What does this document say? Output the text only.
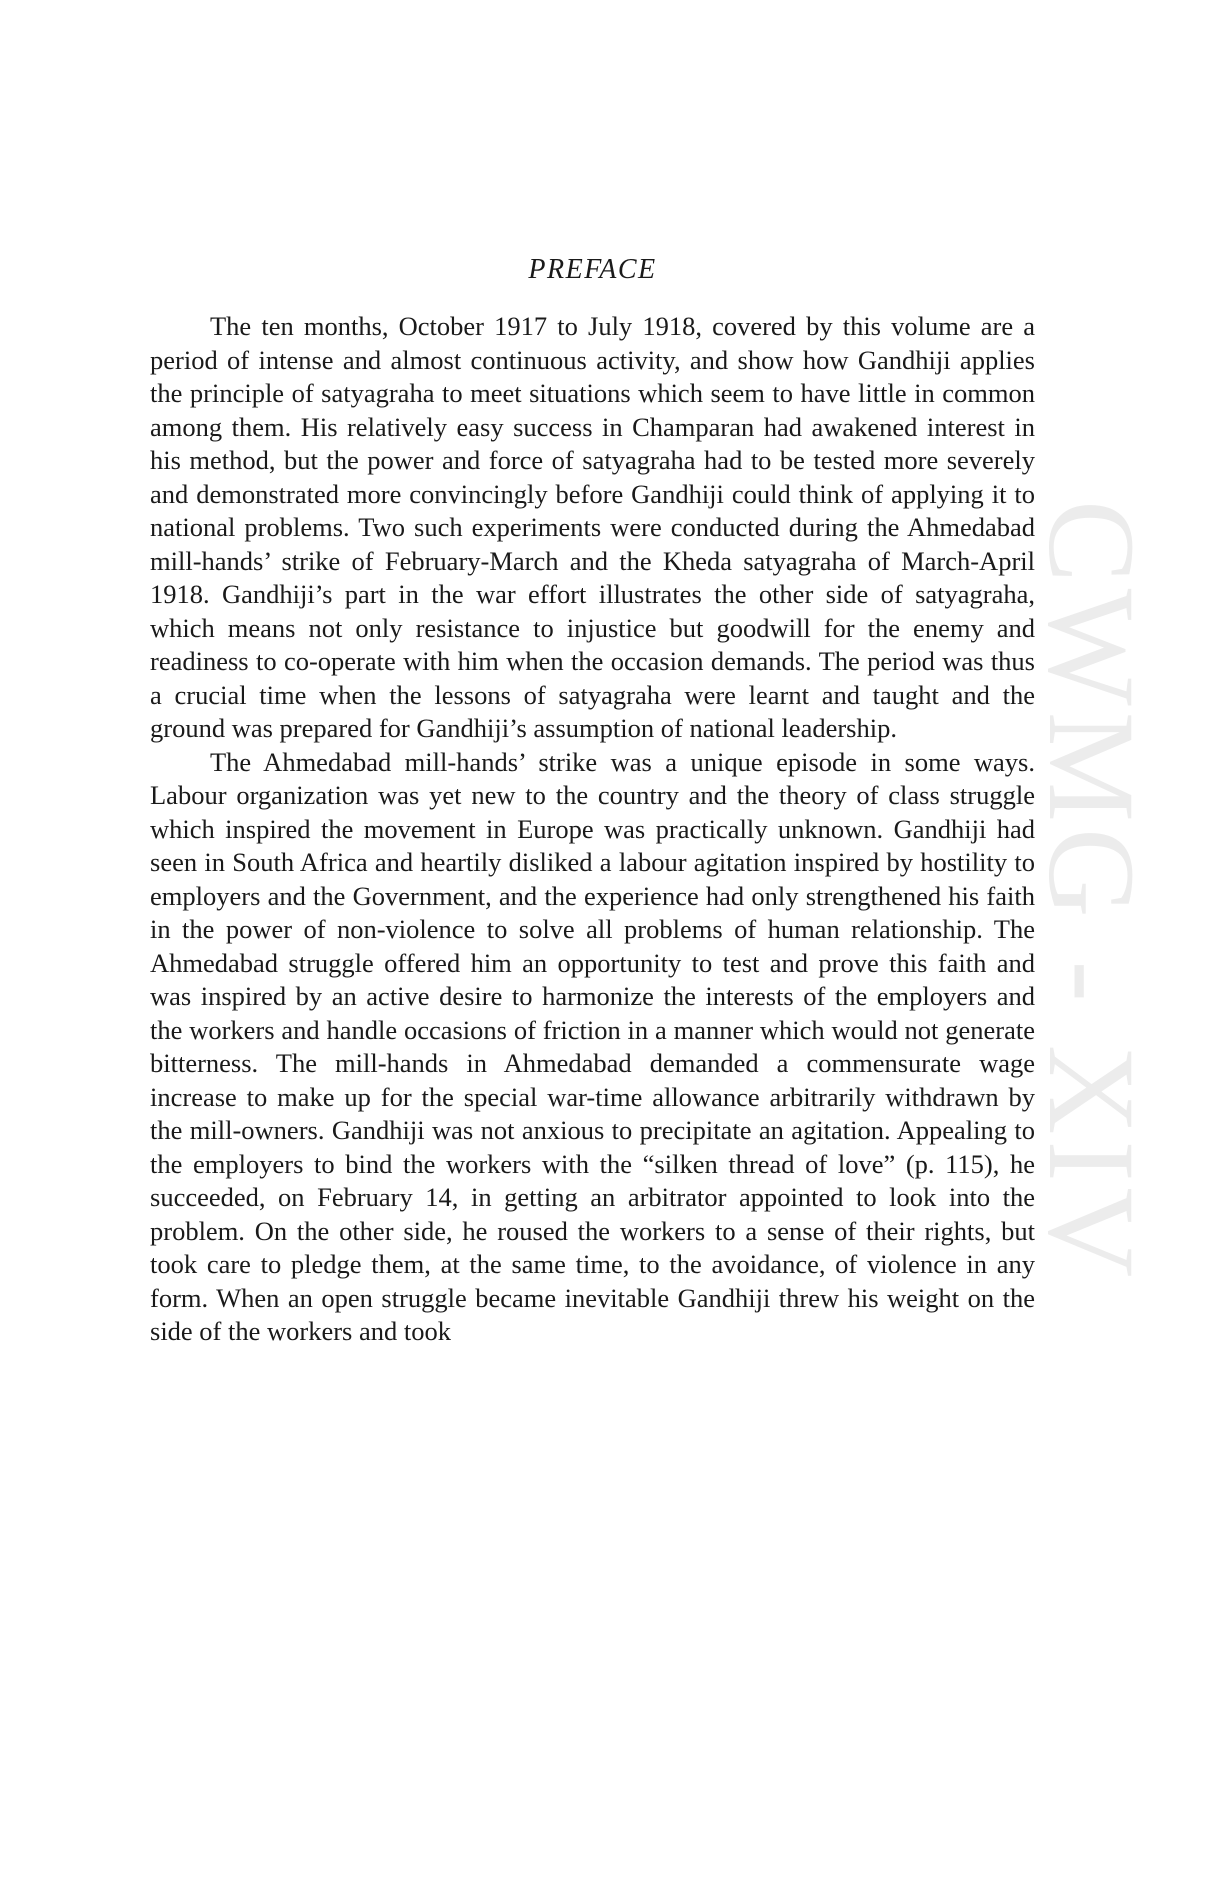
CWMG - XIV
PREFACE

The ten months, October 1917 to July 1918, covered by this volume are a period of intense and almost continuous activity, and show how Gandhiji applies the principle of satyagraha to meet situations which seem to have little in common among them. His relatively easy success in Champaran had awakened interest in his method, but the power and force of satyagraha had to be tested more severely and demonstrated more convincingly before Gandhiji could think of applying it to national problems. Two such experiments were conducted during the Ahmedabad mill-hands’ strike of February-March and the Kheda satyagraha of March-April 1918. Gandhiji’s part in the war effort illustrates the other side of satyagraha, which means not only resistance to injustice but goodwill for the enemy and readiness to co-operate with him when the occasion demands. The period was thus a crucial time when the lessons of satyagraha were learnt and taught and the ground was prepared for Gandhiji’s assumption of national leadership.

The Ahmedabad mill-hands’ strike was a unique episode in some ways. Labour organization was yet new to the country and the theory of class struggle which inspired the movement in Europe was practically unknown. Gandhiji had seen in South Africa and heartily disliked a labour agitation inspired by hostility to employers and the Government, and the experience had only strengthened his faith in the power of non-violence to solve all problems of human relationship. The Ahmedabad struggle offered him an opportunity to test and prove this faith and was inspired by an active desire to harmonize the interests of the employers and the workers and handle occasions of friction in a manner which would not generate bitterness. The mill-hands in Ahmedabad demanded a commensurate wage increase to make up for the special war-time allowance arbitrarily withdrawn by the mill-owners. Gandhiji was not anxious to precipitate an agitation. Appealing to the employers to bind the workers with the “silken thread of love” (p. 115), he succeeded, on February 14, in getting an arbitrator appointed to look into the problem. On the other side, he roused the workers to a sense of their rights, but took care to pledge them, at the same time, to the avoidance, of violence in any form. When an open struggle became inevitable Gandhiji threw his weight on the side of the workers and took
